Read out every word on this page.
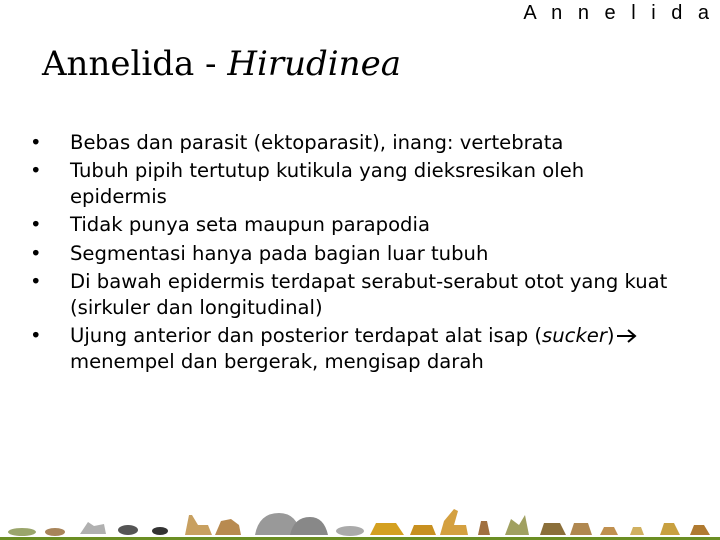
A n n e l i d a
Annelida - Hirudinea
• Bebas dan parasit (ektoparasit), inang: vertebrata
• Tubuh pipih tertutup kutikula yang dieksresikan oleh epidermis
• Tidak punya seta maupun parapodia
• Segmentasi hanya pada bagian luar tubuh
• Di bawah epidermis terdapat serabut-serabut otot yang kuat (sirkuler dan longitudinal)
• Ujung anterior dan posterior terdapat alat isap (sucker)menempel dan bergerak, mengisap darah
